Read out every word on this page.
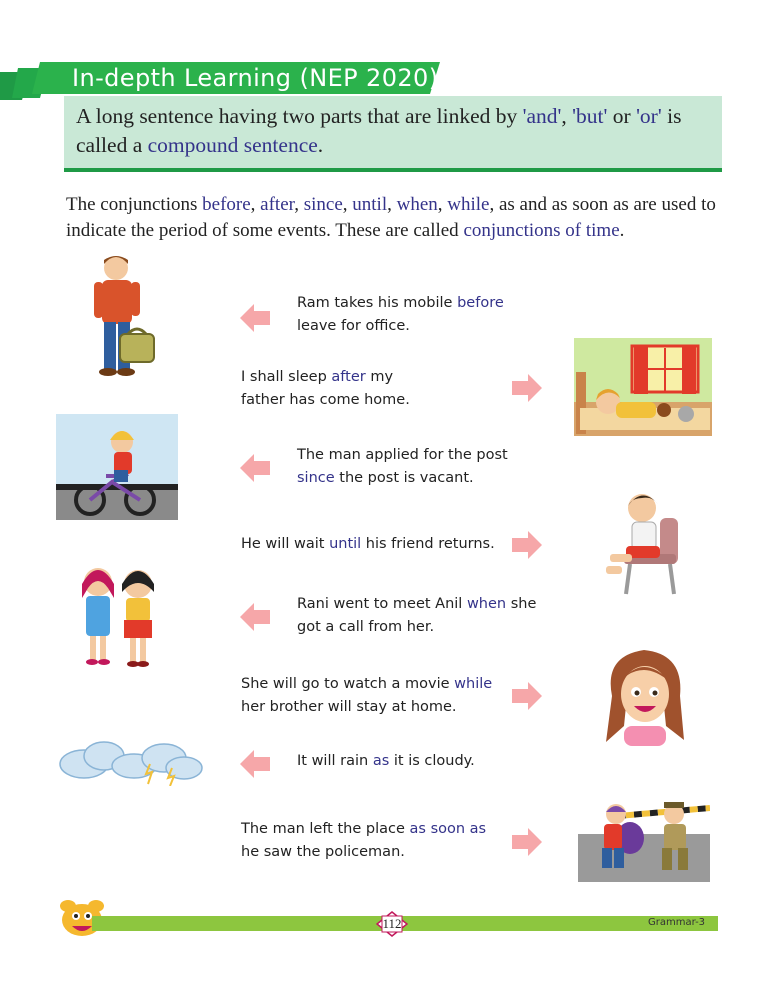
In-depth Learning (NEP 2020)
A long sentence having two parts that are linked by 'and', 'but' or 'or' is called a compound sentence.
The conjunctions before, after, since, until, when, while, as and as soon as are used to indicate the period of some events. These are called conjunctions of time.
Ram takes his mobile before leave for office.
I shall sleep after my father has come home.
The man applied for the post since the post is vacant.
He will wait until his friend returns.
Rani went to meet Anil when she got a call from her.
She will go to watch a movie while her brother will stay at home.
It will rain as it is cloudy.
The man left the place as soon as he saw the policeman.
112	Grammar-3
